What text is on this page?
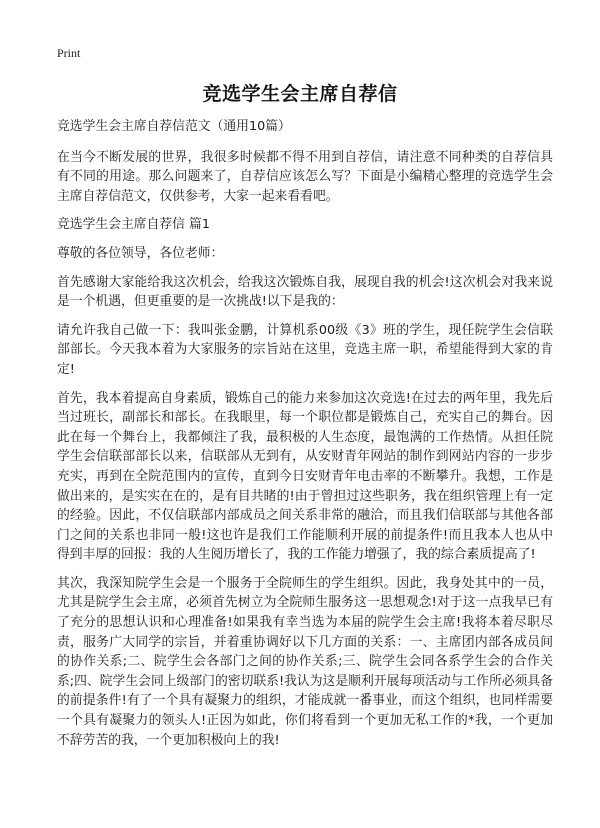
Print
竞选学生会主席自荐信

竞选学生会主席自荐信范文（通用10篇）

在当今不断发展的世界，我很多时候都不得不用到自荐信，请注意不同种类的自荐信具有不同的用途。那么问题来了，自荐信应该怎么写？下面是小编精心整理的竞选学生会主席自荐信范文，仅供参考，大家一起来看看吧。

竞选学生会主席自荐信 篇1

尊敬的各位领导，各位老师：

首先感谢大家能给我这次机会，给我这次锻炼自我，展现自我的机会!这次机会对我来说是一个机遇，但更重要的是一次挑战!以下是我的：

请允许我自己做一下：我叫张金鹏，计算机系00级《3》班的学生，现任院学生会信联部部长。今天我本着为大家服务的宗旨站在这里，竞选主席一职，希望能得到大家的肯定!

首先，我本着提高自身素质，锻炼自己的能力来参加这次竞选!在过去的两年里，我先后当过班长，副部长和部长。在我眼里，每一个职位都是锻炼自己，充实自己的舞台。因此在每一个舞台上，我都倾注了我，最积极的人生态度，最饱满的工作热情。从担任院学生会信联部部长以来，信联部从无到有，从安财青年网站的制作到网站内容的一步步充实，再到在全院范围内的宣传，直到今日安财青年电击率的不断攀升。我想，工作是做出来的，是实实在在的，是有目共睹的!由于曾担过这些职务，我在组织管理上有一定的经验。因此，不仅信联部内部成员之间关系非常的融洽，而且我们信联部与其他各部门之间的关系也非同一般!这也许是我们工作能顺利开展的前提条件!而且我本人也从中得到丰厚的回报：我的人生阅历增长了，我的工作能力增强了，我的综合素质提高了!

其次，我深知院学生会是一个服务于全院师生的学生组织。因此，我身处其中的一员，尤其是院学生会主席，必须首先树立为全院师生服务这一思想观念!对于这一点我早已有了充分的思想认识和心理准备!如果我有幸当选为本届的院学生会主席!我将本着尽职尽责，服务广大同学的宗旨，并着重协调好以下几方面的关系：一、主席团内部各成员间的协作关系;二、院学生会各部门之间的协作关系;三、院学生会同各系学生会的合作关系;四、院学生会同上级部门的密切联系!我认为这是顺利开展每项活动与工作所必须具备的前提条件!有了一个具有凝聚力的组织，才能成就一番事业，而这个组织，也同样需要一个具有凝聚力的领头人!正因为如此，你们将看到一个更加无私工作的*我，一个更加不辞劳苦的我，一个更加积极向上的我!
